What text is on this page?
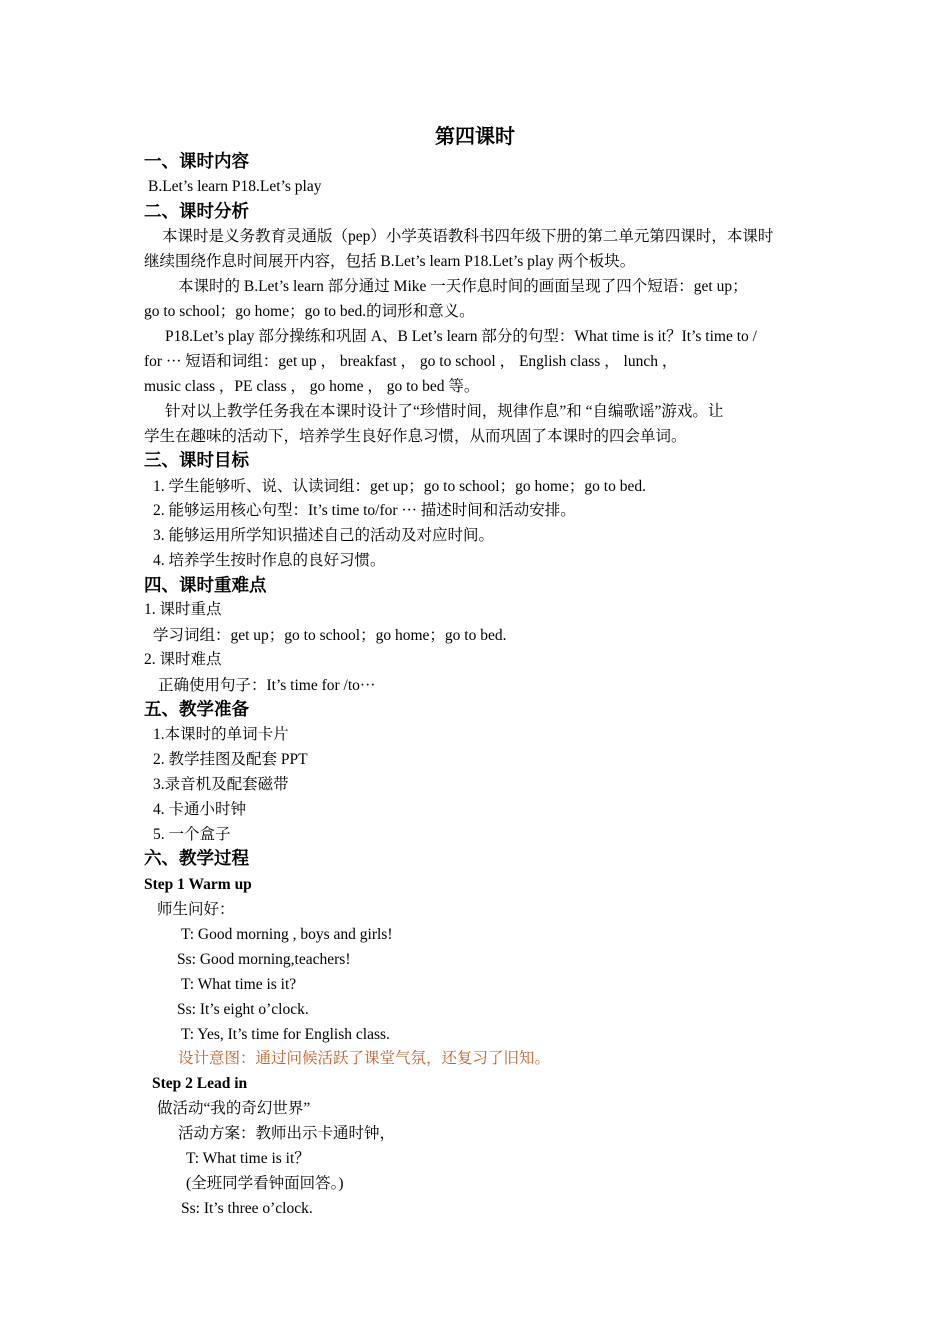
第四课时
一、课时内容
B.Let’s learn P18.Let’s play
二、课时分析
本课时是义务教育灵通版（pep）小学英语教科书四年级下册的第二单元第四课时，本课时
继续围绕作息时间展开内容，包括 B.Let’s learn P18.Let’s play 两个板块。
本课时的 B.Let’s learn 部分通过 Mike 一天作息时间的画面呈现了四个短语：get up；
go to school；go home；go to bed.的词形和意义。
P18.Let’s play 部分操练和巩固 A、B Let’s learn 部分的句型：What time is it？It’s time to /
for ··· 短语和词组：get up ， breakfast ， go to school ， English class ， lunch ，
music class ，PE class ， go home ， go to bed 等。
针对以上教学任务我在本课时设计了“珍惜时间，规律作息”和 “自编歌谣”游戏。让
学生在趣味的活动下，培养学生良好作息习惯，从而巩固了本课时的四会单词。
三、课时目标
1. 学生能够听、说、认读词组：get up；go to school；go home；go to bed.
2. 能够运用核心句型：It’s time to/for ··· 描述时间和活动安排。
3. 能够运用所学知识描述自己的活动及对应时间。
4. 培养学生按时作息的良好习惯。
四、课时重难点
1. 课时重点
学习词组：get up；go to school；go home；go to bed.
2. 课时难点
正确使用句子：It’s time for /to···
五、教学准备
1.本课时的单词卡片
2. 教学挂图及配套 PPT
3.录音机及配套磁带
4. 卡通小时钟
5. 一个盒子
六、教学过程
Step 1 Warm up
师生问好：
T: Good morning , boys and girls!
Ss: Good morning,teachers!
T: What time is it?
Ss: It’s eight o’clock.
T: Yes, It’s time for English class.
设计意图：通过问候活跃了课堂气氛，还复习了旧知。
Step 2 Lead in
做活动“我的奇幻世界”
活动方案：教师出示卡通时钟，
T: What time is it？
(全班同学看钟面回答。)
Ss: It’s three o’clock.
